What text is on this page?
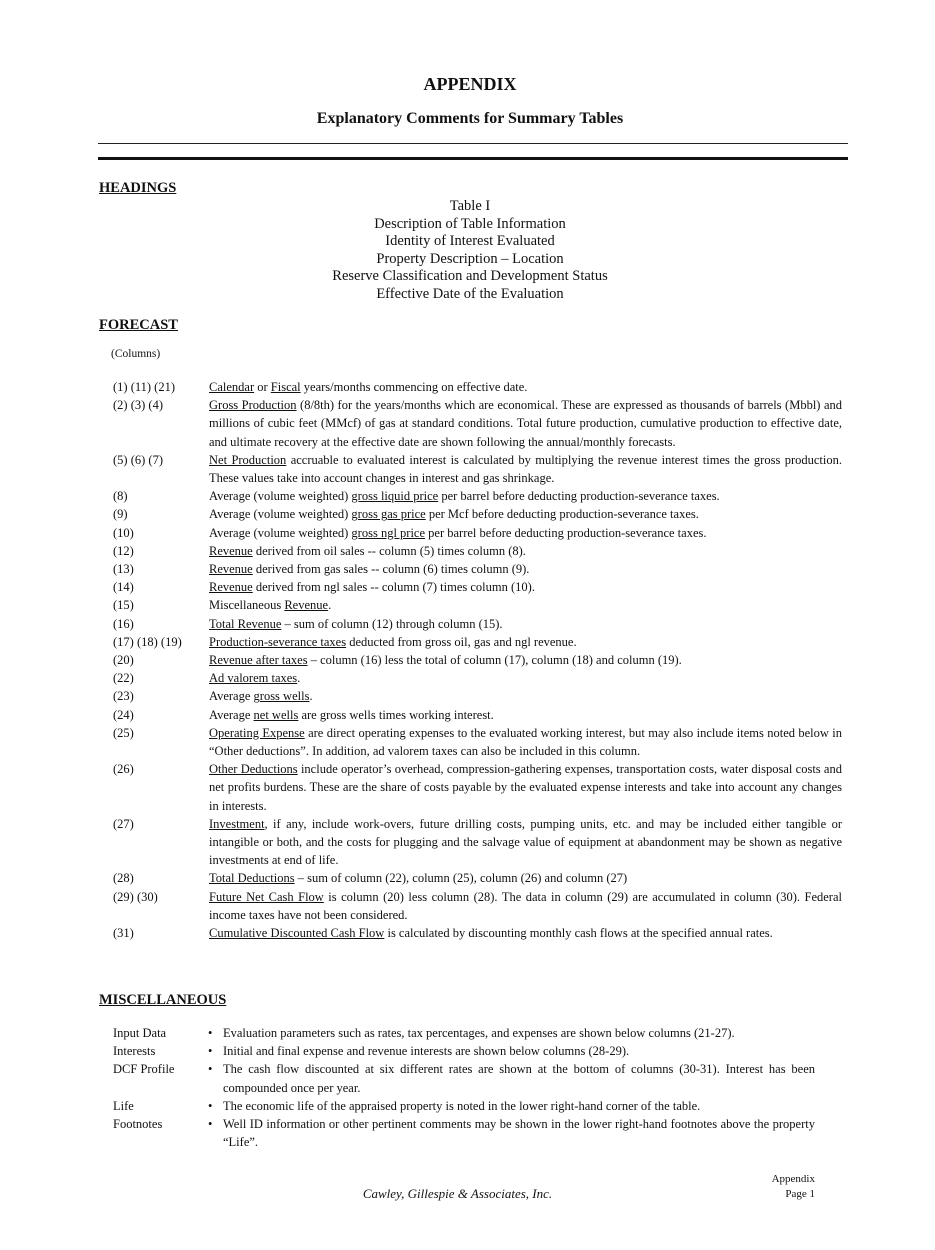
APPENDIX
Explanatory Comments for Summary Tables
HEADINGS
Table I
Description of Table Information
Identity of Interest Evaluated
Property Description – Location
Reserve Classification and Development Status
Effective Date of the Evaluation
FORECAST
(Columns)
(1) (11) (21)	Calendar or Fiscal years/months commencing on effective date.
(2) (3) (4)	Gross Production (8/8th) for the years/months which are economical. These are expressed as thousands of barrels (Mbbl) and millions of cubic feet (MMcf) of gas at standard conditions. Total future production, cumulative production to effective date, and ultimate recovery at the effective date are shown following the annual/monthly forecasts.
(5) (6) (7)	Net Production accruable to evaluated interest is calculated by multiplying the revenue interest times the gross production. These values take into account changes in interest and gas shrinkage.
(8)	Average (volume weighted) gross liquid price per barrel before deducting production-severance taxes.
(9)	Average (volume weighted) gross gas price per Mcf before deducting production-severance taxes.
(10)	Average (volume weighted) gross ngl price per barrel before deducting production-severance taxes.
(12)	Revenue derived from oil sales -- column (5) times column (8).
(13)	Revenue derived from gas sales -- column (6) times column (9).
(14)	Revenue derived from ngl sales -- column (7) times column (10).
(15)	Miscellaneous Revenue.
(16)	Total Revenue – sum of column (12) through column (15).
(17) (18) (19) Production-severance taxes deducted from gross oil, gas and ngl revenue.
(20)	Revenue after taxes – column (16) less the total of column (17), column (18) and column (19).
(22)	Ad valorem taxes.
(23)	Average gross wells.
(24)	Average net wells are gross wells times working interest.
(25)	Operating Expense are direct operating expenses to the evaluated working interest, but may also include items noted below in “Other deductions”. In addition, ad valorem taxes can also be included in this column.
(26)	Other Deductions include operator’s overhead, compression-gathering expenses, transportation costs, water disposal costs and net profits burdens. These are the share of costs payable by the evaluated expense interests and take into account any changes in interests.
(27)	Investment, if any, include work-overs, future drilling costs, pumping units, etc. and may be included either tangible or intangible or both, and the costs for plugging and the salvage value of equipment at abandonment may be shown as negative investments at end of life.
(28)	Total Deductions – sum of column (22), column (25), column (26) and column (27)
(29) (30)	Future Net Cash Flow is column (20) less column (28). The data in column (29) are accumulated in column (30). Federal income taxes have not been considered.
(31)	Cumulative Discounted Cash Flow is calculated by discounting monthly cash flows at the specified annual rates.
MISCELLANEOUS
Input Data	• Evaluation parameters such as rates, tax percentages, and expenses are shown below columns (21-27).
Interests	• Initial and final expense and revenue interests are shown below columns (28-29).
DCF Profile	• The cash flow discounted at six different rates are shown at the bottom of columns (30-31). Interest has been compounded once per year.
Life	• The economic life of the appraised property is noted in the lower right-hand corner of the table.
Footnotes	• Well ID information or other pertinent comments may be shown in the lower right-hand footnotes above the property “Life”.
Cawley, Gillespie & Associates, Inc.
Appendix
Page 1
